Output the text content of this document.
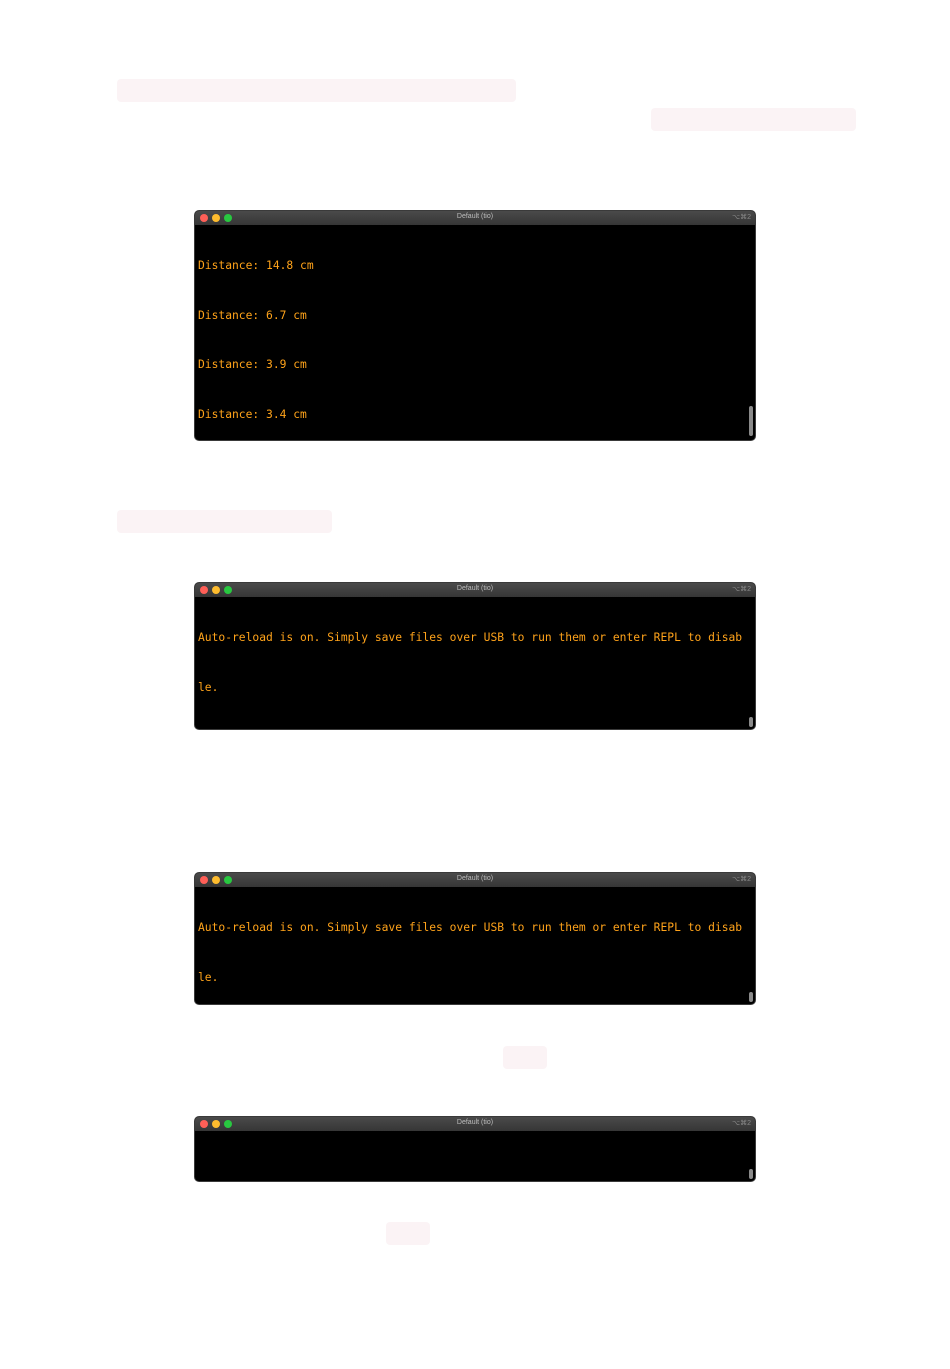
Default (tio)	⌥⌘2

Distance: 14.8 cm

Distance: 6.7 cm

Distance: 3.9 cm

Distance: 3.4 cm

Default (tio)	⌥⌘2

Auto-reload is on. Simply save files over USB to run them or enter REPL to disab

le.

Default (tio)	⌥⌘2

Auto-reload is on. Simply save files over USB to run them or enter REPL to disab

le.

Default (tio)	⌥⌘2
